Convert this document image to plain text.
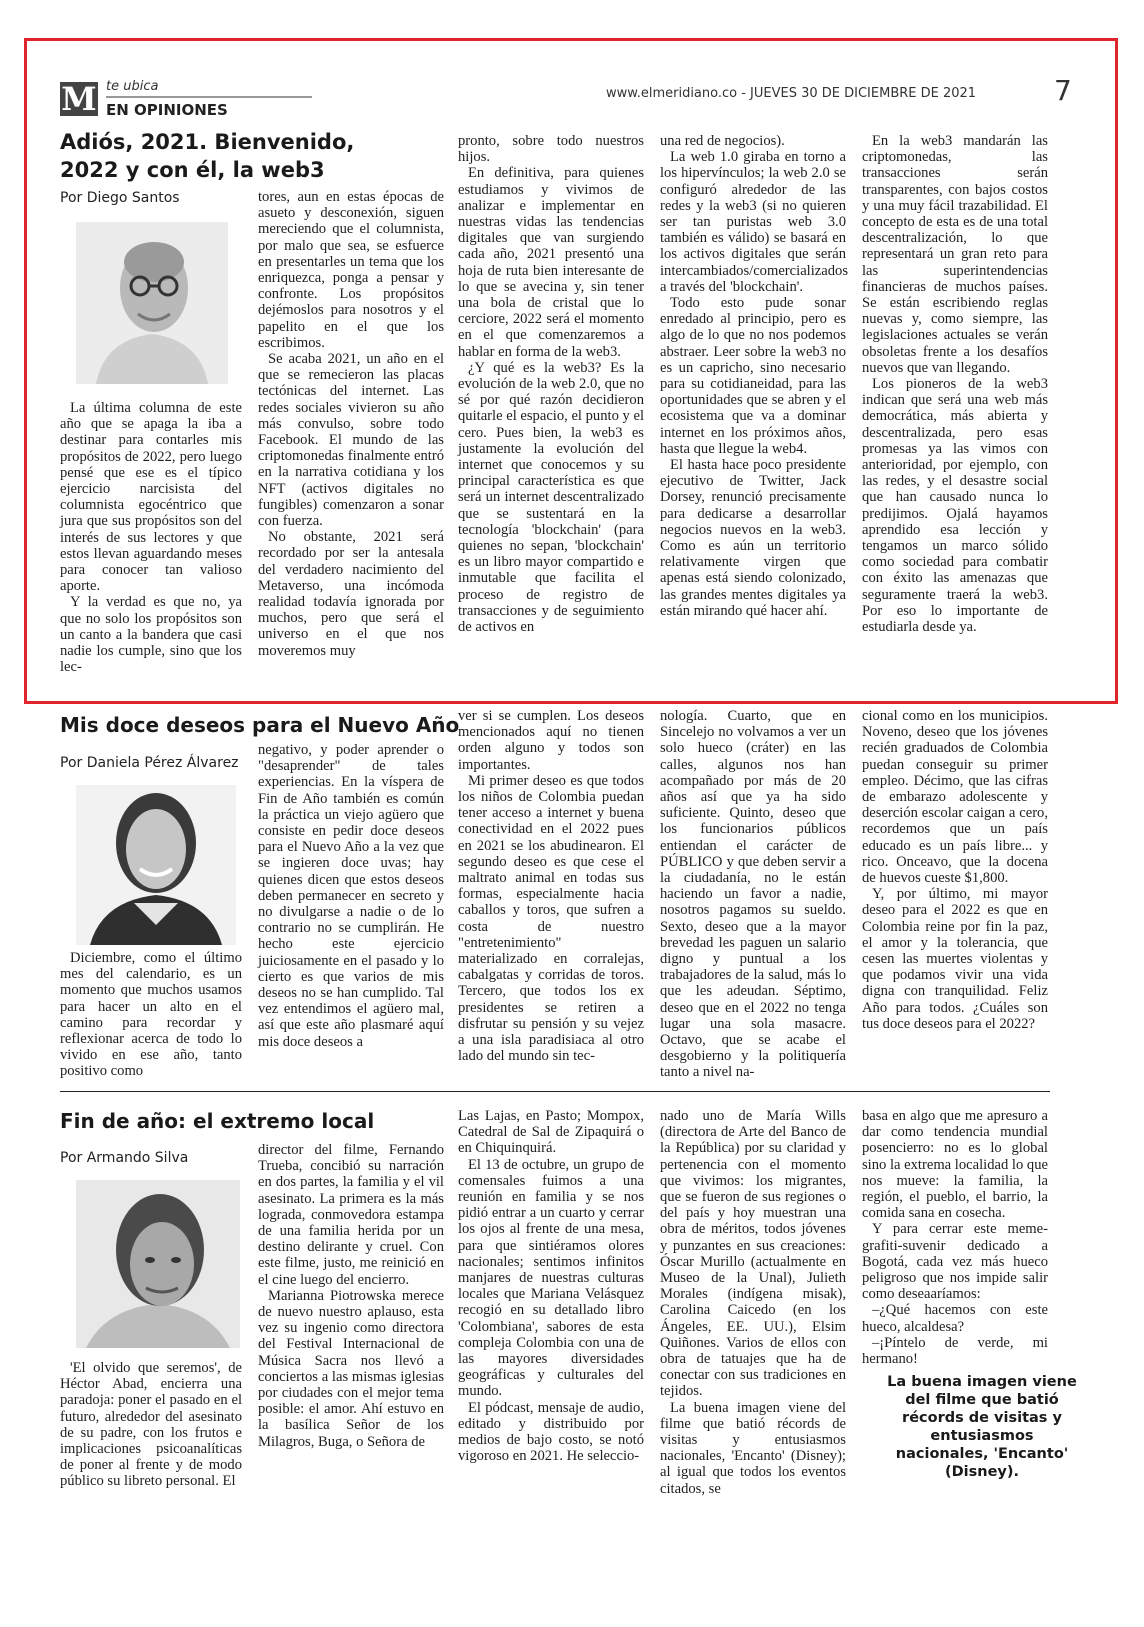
M te ubica
EN OPINIONES
www.elmeridiano.co - JUEVES 30 DE DICIEMBRE DE 2021	7
Adiós, 2021. Bienvenido,
2022 y con él, la web3
Por Diego Santos

La última columna de este año que se apaga la iba a destinar para contarles mis propósitos de 2022, pero luego pensé que ese es el típico ejercicio narcisista del columnista egocéntrico que jura que sus propósitos son del interés de sus lectores y que estos llevan aguardando meses para conocer tan valioso aporte.

Y la verdad es que no, ya que no solo los propósitos son un canto a la bandera que casi nadie los cumple, sino que los lec-

tores, aun en estas épocas de asueto y desconexión, siguen mereciendo que el columnista, por malo que sea, se esfuerce en presentarles un tema que los enriquezca, ponga a pensar y confronte. Los propósitos dejémoslos para nosotros y el papelito en el que los escribimos.

Se acaba 2021, un año en el que se remecieron las placas tectónicas del internet. Las redes sociales vivieron su año más convulso, sobre todo Facebook. El mundo de las criptomonedas finalmente entró en la narrativa cotidiana y los NFT (activos digitales no fungibles) comenzaron a sonar con fuerza.

No obstante, 2021 será recordado por ser la antesala del verdadero nacimiento del Metaverso, una incómoda realidad todavía ignorada por muchos, pero que será el universo en el que nos moveremos muy

pronto, sobre todo nuestros hijos.

En definitiva, para quienes estudiamos y vivimos de analizar e implementar en nuestras vidas las tendencias digitales que van surgiendo cada año, 2021 presentó una hoja de ruta bien interesante de lo que se avecina y, sin tener una bola de cristal que lo cerciore, 2022 será el momento en el que comenzaremos a hablar en forma de la web3.

¿Y qué es la web3? Es la evolución de la web 2.0, que no sé por qué razón decidieron quitarle el espacio, el punto y el cero. Pues bien, la web3 es justamente la evolución del internet que conocemos y su principal característica es que será un internet descentralizado que se sustentará en la tecnología 'blockchain' (para quienes no sepan, 'blockchain' es un libro mayor compartido e inmutable que facilita el proceso de registro de transacciones y de seguimiento de activos en

una red de negocios).

La web 1.0 giraba en torno a los hipervínculos; la web 2.0 se configuró alrededor de las redes y la web3 (si no quieren ser tan puristas web 3.0 también es válido) se basará en los activos digitales que serán intercambiados/comercializados a través del 'blockchain'.

Todo esto pude sonar enredado al principio, pero es algo de lo que no nos podemos abstraer. Leer sobre la web3 no es un capricho, sino necesario para su cotidianeidad, para las oportunidades que se abren y el ecosistema que va a dominar internet en los próximos años, hasta que llegue la web4.

El hasta hace poco presidente ejecutivo de Twitter, Jack Dorsey, renunció precisamente para dedicarse a desarrollar negocios nuevos en la web3. Como es aún un territorio relativamente virgen que apenas está siendo colonizado, las grandes mentes digitales ya están mirando qué hacer ahí.

En la web3 mandarán las criptomonedas, las transacciones serán transparentes, con bajos costos y una muy fácil trazabilidad. El concepto de esta es de una total descentralización, lo que representará un gran reto para las superintendencias financieras de muchos países. Se están escribiendo reglas nuevas y, como siempre, las legislaciones actuales se verán obsoletas frente a los desafíos nuevos que van llegando.

Los pioneros de la web3 indican que será una web más democrática, más abierta y descentralizada, pero esas promesas ya las vimos con anterioridad, por ejemplo, con las redes, y el desastre social que han causado nunca lo predijimos. Ojalá hayamos aprendido esa lección y tengamos un marco sólido como sociedad para combatir con éxito las amenazas que seguramente traerá la web3. Por eso lo importante de estudiarla desde ya.

Mis doce deseos para el Nuevo Año
Por Daniela Pérez Álvarez

Diciembre, como el último mes del calendario, es un momento que muchos usamos para hacer un alto en el camino para recordar y reflexionar acerca de todo lo vivido en ese año, tanto positivo como

negativo, y poder aprender o "desaprender" de tales experiencias. En la víspera de Fin de Año también es común la práctica un viejo agüero que consiste en pedir doce deseos para el Nuevo Año a la vez que se ingieren doce uvas; hay quienes dicen que estos deseos deben permanecer en secreto y no divulgarse a nadie o de lo contrario no se cumplirán. He hecho este ejercicio juiciosamente en el pasado y lo cierto es que varios de mis deseos no se han cumplido. Tal vez entendimos el agüero mal, así que este año plasmaré aquí mis doce deseos a

ver si se cumplen. Los deseos mencionados aquí no tienen orden alguno y todos son importantes.

Mi primer deseo es que todos los niños de Colombia puedan tener acceso a internet y buena conectividad en el 2022 pues en 2021 se los abudinearon. El segundo deseo es que cese el maltrato animal en todas sus formas, especialmente hacia caballos y toros, que sufren a costa de nuestro "entretenimiento" materializado en corralejas, cabalgatas y corridas de toros. Tercero, que todos los ex presidentes se retiren a disfrutar su pensión y su vejez a una isla paradisiaca al otro lado del mundo sin tec-

nología. Cuarto, que en Sincelejo no volvamos a ver un solo hueco (cráter) en las calles, algunos nos han acompañado por más de 20 años así que ya ha sido suficiente. Quinto, deseo que los funcionarios públicos entiendan el carácter de PÚBLICO y que deben servir a la ciudadanía, no le están haciendo un favor a nadie, nosotros pagamos su sueldo. Sexto, deseo que a la mayor brevedad les paguen un salario digno y puntual a los trabajadores de la salud, más lo que les adeudan. Séptimo, deseo que en el 2022 no tenga lugar una sola masacre. Octavo, que se acabe el desgobierno y la politiquería tanto a nivel na-

cional como en los municipios. Noveno, deseo que los jóvenes recién graduados de Colombia puedan conseguir su primer empleo. Décimo, que las cifras de embarazo adolescente y deserción escolar caigan a cero, recordemos que un país educado es un país libre... y rico. Onceavo, que la docena de huevos cueste $1,800.

Y, por último, mi mayor deseo para el 2022 es que en Colombia reine por fin la paz, el amor y la tolerancia, que cesen las muertes violentas y que podamos vivir una vida digna con tranquilidad. Feliz Año para todos. ¿Cuáles son tus doce deseos para el 2022?

Fin de año: el extremo local
Por Armando Silva

'El olvido que seremos', de Héctor Abad, encierra una paradoja: poner el pasado en el futuro, alrededor del asesinato de su padre, con los frutos e implicaciones psicoanalíticas de poner al frente y de modo público su libreto personal. El

director del filme, Fernando Trueba, concibió su narración en dos partes, la familia y el vil asesinato. La primera es la más lograda, conmovedora estampa de una familia herida por un destino delirante y cruel. Con este filme, justo, me reinició en el cine luego del encierro.

Marianna Piotrowska merece de nuevo nuestro aplauso, esta vez su ingenio como directora del Festival Internacional de Música Sacra nos llevó a conciertos a las mismas iglesias por ciudades con el mejor tema posible: el amor. Ahí estuvo en la basílica Señor de los Milagros, Buga, o Señora de

Las Lajas, en Pasto; Mompox, Catedral de Sal de Zipaquirá o en Chiquinquirá.

El 13 de octubre, un grupo de comensales fuimos a una reunión en familia y se nos pidió entrar a un cuarto y cerrar los ojos al frente de una mesa, para que sintiéramos olores nacionales; sentimos infinitos manjares de nuestras culturas locales que Mariana Velásquez recogió en su detallado libro 'Colombiana', sabores de esta compleja Colombia con una de las mayores diversidades geográficas y culturales del mundo.

El pódcast, mensaje de audio, editado y distribuido por medios de bajo costo, se notó vigoroso en 2021. He seleccio-

nado uno de María Wills (directora de Arte del Banco de la República) por su claridad y pertenencia con el momento que vivimos: los migrantes, que se fueron de sus regiones o del país y hoy muestran una obra de méritos, todos jóvenes y punzantes en sus creaciones: Óscar Murillo (actualmente en Museo de la Unal), Julieth Morales (indígena misak), Carolina Caicedo (en los Ángeles, EE. UU.), Elsim Quiñones. Varios de ellos con obra de tatuajes que ha de conectar con sus tradiciones en tejidos.

La buena imagen viene del filme que batió récords de visitas y entusiasmos nacionales, 'Encanto' (Disney); al igual que todos los eventos citados, se

basa en algo que me apresuro a dar como tendencia mundial posencierro: no es lo global sino la extrema localidad lo que nos mueve: la familia, la región, el pueblo, el barrio, la comida sana en cosecha.

Y para cerrar este meme-grafiti-suvenir dedicado a Bogotá, cada vez más hueco peligroso que nos impide salir como deseaaríamos:

–¿Qué hacemos con este hueco, alcaldesa?

–¡Píntelo de verde, mi hermano!

La buena imagen viene del filme que batió récords de visitas y entusiasmos nacionales, 'Encanto' (Disney).
